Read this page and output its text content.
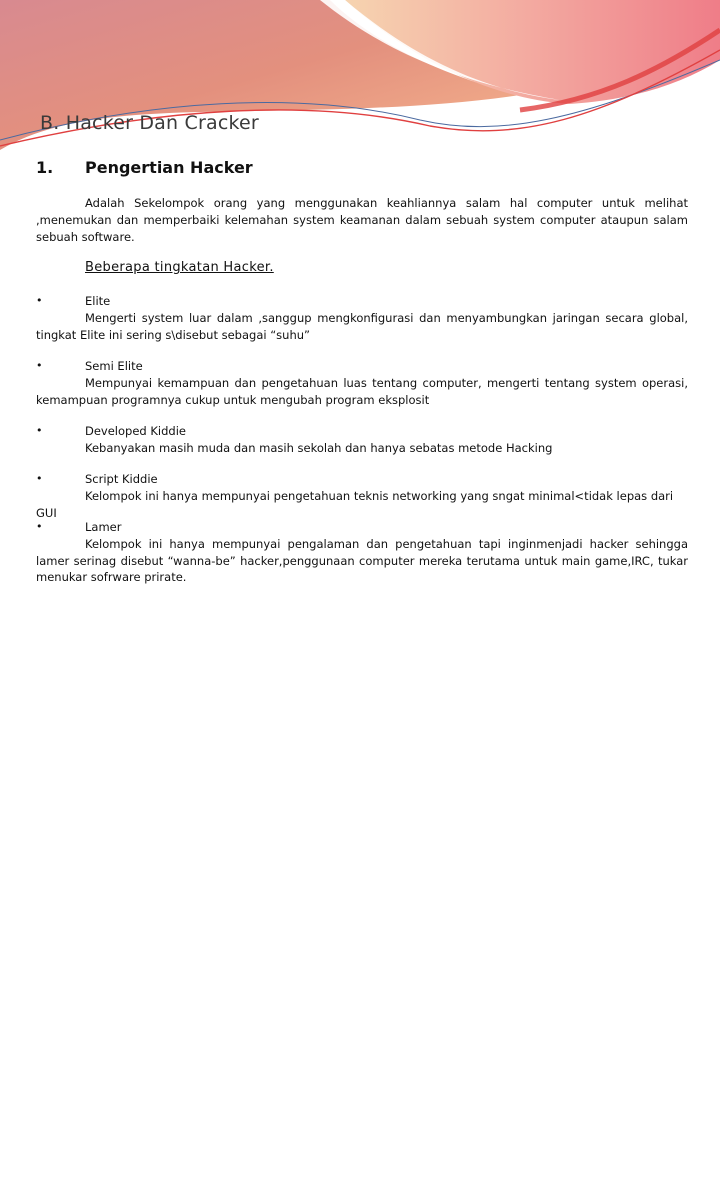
B. Hacker Dan Cracker
1. Pengertian Hacker

Adalah Sekelompok orang yang menggunakan keahliannya salam hal computer untuk melihat ,menemukan dan memperbaiki kelemahan system keamanan dalam sebuah system computer ataupun salam sebuah software.

Beberapa tingkatan Hacker.
•	Elite

Mengerti system luar dalam ,sanggup mengkonfigurasi dan menyambungkan jaringan secara global, tingkat Elite ini sering s\disebut sebagai “suhu”

•	Semi Elite

Mempunyai kemampuan dan pengetahuan luas tentang computer, mengerti tentang system operasi, kemampuan programnya cukup untuk mengubah program eksplosit

•	Developed Kiddie

Kebanyakan masih muda dan masih sekolah dan hanya sebatas metode Hacking

•	Script Kiddie

Kelompok ini hanya mempunyai pengetahuan teknis networking yang sngat minimal<tidak lepas dari GUI

•	Lamer

Kelompok ini hanya mempunyai pengalaman dan pengetahuan tapi inginmenjadi hacker sehingga lamer serinag disebut “wanna-be” hacker,penggunaan computer mereka terutama untuk main game,IRC, tukar menukar sofrware prirate.
